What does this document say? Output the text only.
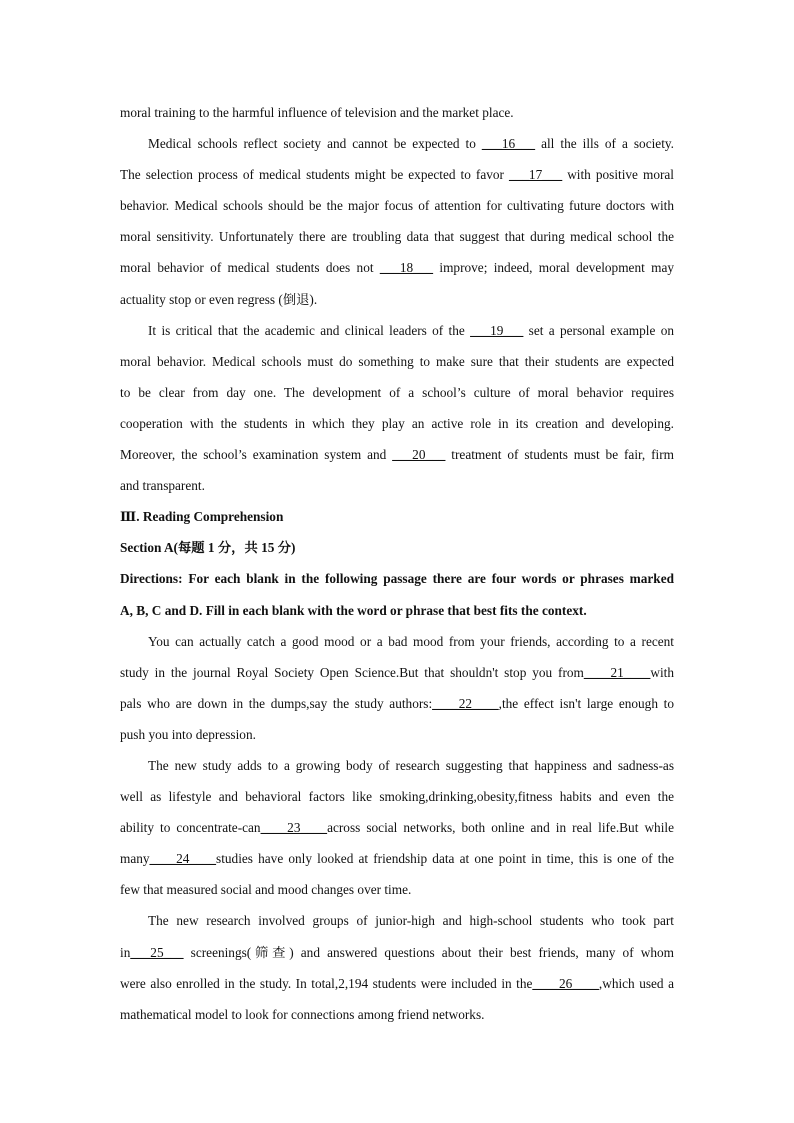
moral training to the harmful influence of television and the market place.
Medical schools reflect society and cannot be expected to ___16___ all the ills of a society.
The selection process of medical students might be expected to favor ___17___ with positive moral
behavior. Medical schools should be the major focus of attention for cultivating future doctors with
moral sensitivity. Unfortunately there are troubling data that suggest that during medical school the
moral behavior of medical students does not ___18___ improve; indeed, moral development may
actuality stop or even regress (倒退).
It is critical that the academic and clinical leaders of the ___19___ set a personal example on
moral behavior. Medical schools must do something to make sure that their students are expected
to be clear from day one. The development of a school’s culture of moral behavior requires
cooperation with the students in which they play an active role in its creation and developing.
Moreover, the school’s examination system and ___20___ treatment of students must be fair, firm
and transparent.
Ⅲ. Reading Comprehension
Section A(每题 1 分，共 15 分)
Directions: For each blank in the following passage there are four words or phrases marked
A, B, C and D. Fill in each blank with the word or phrase that best fits the context.
You can actually catch a good mood or a bad mood from your friends, according to a recent
study in the journal Royal Society Open Science.But that shouldn't stop you from____21____with
pals who are down in the dumps,say the study authors:____22____,the effect isn't large enough to
push you into depression.
The new study adds to a growing body of research suggesting that happiness and sadness-as
well as lifestyle and behavioral factors like smoking,drinking,obesity,fitness habits and even the
ability to concentrate-can____23____across social networks, both online and in real life.But while
many____24____studies have only looked at friendship data at one point in time, this is one of the
few that measured social and mood changes over time.
The new research involved groups of junior-high and high-school students who took part
in___25___ screenings(筛查) and answered questions about their best friends, many of whom
were also enrolled in the study. In total,2,194 students were included in the____26____,which used a
mathematical model to look for connections among friend networks.
